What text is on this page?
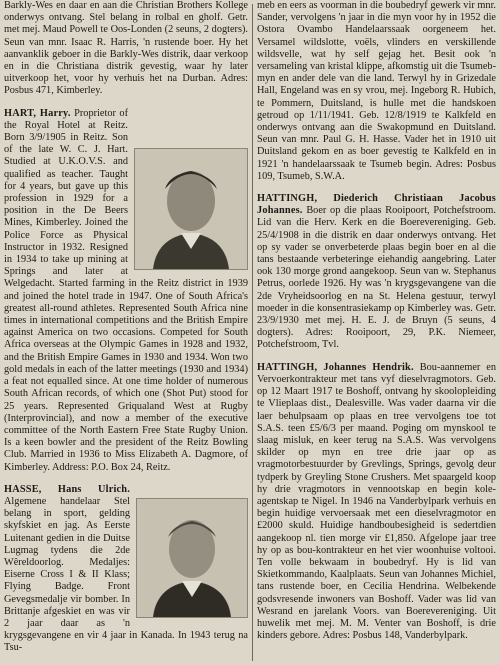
Barkly-Wes en daar en aan die Christian Brothers Kollege onderwys ontvang. Stel belang in rolbal en gholf. Getr. met mej. Maud Powell te Oos-Londen (2 seuns, 2 dogters). Seun van mnr. Isaac R. Harris, 'n rustende boer. Hy het aanvanklik geboer in die Barkly-Wes distrik, daar verkoop en in die Christiana distrik gevestig, waar hy later uitverkoop het, voor hy verhuis het na Durban. Adres: Posbus 471, Kimberley.

HART, Harry. Proprietor of the Royal Hotel at Reitz. Born 3/9/1905 in Reitz. Son of the late W. C. J. Hart. Studied at U.K.O.V.S. and qualified as teacher. Taught for 4 years, but gave up this profession in 1929 for a position in the De Beers Mines, Kimberley. Joined the Police Force as Physical Instructor in 1932. Resigned in 1934 to take up mining at Springs and later at Welgedacht. Started farming in the Reitz district in 1939 and joined the hotel trade in 1947. One of South Africa's greatest all-round athletes. Represented South Africa nine times in international competitions and the British Empire against America on two occasions. Competed for South Africa overseas at the Olympic Games in 1928 and 1932, and the British Empire Games in 1930 and 1934. Won two gold medals in each of the latter meetings (1930 and 1934) a feat not equalled since. At one time holder of numerous South African records, of which one (Shot Put) stood for 25 years. Represented Griqualand West at Rugby (Interprovincial), and now a member of the executive committee of the North Eastern Free State Rugby Union. Is a keen bowler and the president of the Reitz Bowling Club. Married in 1936 to Miss Elizabeth A. Dagmore, of Kimberley. Address: P.O. Box 24, Reitz.
HASSE, Hans Ulrich. Algemene handelaar Stel belang in sport, gelding skyfskiet en jag. As Eerste Luitenant gedien in die Duitse Lugmag tydens die 2de Wêreldoorlog. Medaljes: Eiserne Cross I & II Klass; Flying Badge. Front Gevegsmedalje vir bomber. In Brittanje afgeskiet en was vir 2 jaar daar as 'n krygsgevangene en vir 4 jaar in Kanada. In 1943 terug na Tsu-

meb en eers as voorman in die boubedryf gewerk vir mnr. Sander, vervolgens 'n jaar in die myn voor hy in 1952 die Ostora Ovambo Handelaarssaak oorgeneem het. Versamel wildslotte, voëls, vlinders en verskillende wildsvelle, wat hy self gejag het. Besit ook 'n versameling van kristal klippe, afkomstig uit die Tsumeb-myn en ander dele van die land. Terwyl hy in Grizedale Hall, Engeland was en sy vrou, mej. Ingeborg R. Hubich, te Pommern, Duitsland, is hulle met die handskoen getroud op 1/11/1941. Geb. 12/8/1919 te Kalkfeld en onderwys ontvang aan die Swakopmund en Duitsland. Seun van mnr. Paul G. H. Hasse. Vader het in 1910 uit Duitsland gekom en as boer gevestig te Kalkfeld en in 1921 'n handelaarssaak te Tsumeb begin. Adres: Posbus 109, Tsumeb, S.W.A.

HATTINGH, Diederich Christiaan Jacobus Johannes. Boer op die plaas Rooipoort, Potchefstroom. Lid van die Herv. Kerk en die Boerevereniging. Geb. 25/4/1908 in die distrik en daar onderwys ontvang. Het op sy vader se onverbeterde plaas begin boer en al die tans bestaande verbeteringe eiehandig aangebring. Later ook 130 morge grond aangekoop. Seun van w. Stephanus Petrus, oorlede 1926. Hy was 'n krygsgevangene van die 2de Vryheidsoorlog en na St. Helena gestuur, terwyl moeder in die konsentrasiekamp op Kimberley was. Getr. 23/9/1930 met mej. H. E. J. de Bruyn (5 seuns, 4 dogters). Adres: Rooipoort, 29, P.K. Niemeer, Potchefstroom, Tvl.
HATTINGH, Johannes Hendrik. Bou-aannemer en Vervoerkontrakteur met tans vyf dieselvragmotors. Geb. op 12 Maart 1917 te Boshoff, ontvang hy skoolopleiding te Vlieplaas dist., Dealesville. Was vader daarna vir die laer behulpsaam op plaas en tree vervolgens toe tot S.A.S. teen £5/6/3 per maand. Poging om mynskool te slaag misluk, en keer terug na S.A.S. Was vervolgens skilder op myn en tree drie jaar op as vragmotorbestuurder by Grevlings, Springs, gevolg deur tydperk by Greyling Stone Crushers. Met spaargeld koop hy drie vragmotors in vennootskap en begin kole-agentskap te Nigel. In 1946 na Vanderbylpark verhuis en begin huidige vervoersaak met een dieselvragmotor en £2000 skuld. Huidige handboubesigheid is sedertdien aangekoop nl. tien morge vir £1,850. Afgelope jaar tree hy op as bou-kontrakteur en het vier woonhuise voltooi. Ten volle bekwaam in boubedryf. Hy is lid van Skietkommando, Kaalplaats. Seun van Johannes Michiel, tans rustende boer, en Cecilia Hendrina. Welbekende godsvresende inwoners van Boshoff. Vader was lid van Wesrand en jarelank Voors. van Boerevereniging. Uit huwelik met mej. M. M. Venter van Boshoff, is drie kinders gebore. Adres: Posbus 148, Vanderbylpark.
